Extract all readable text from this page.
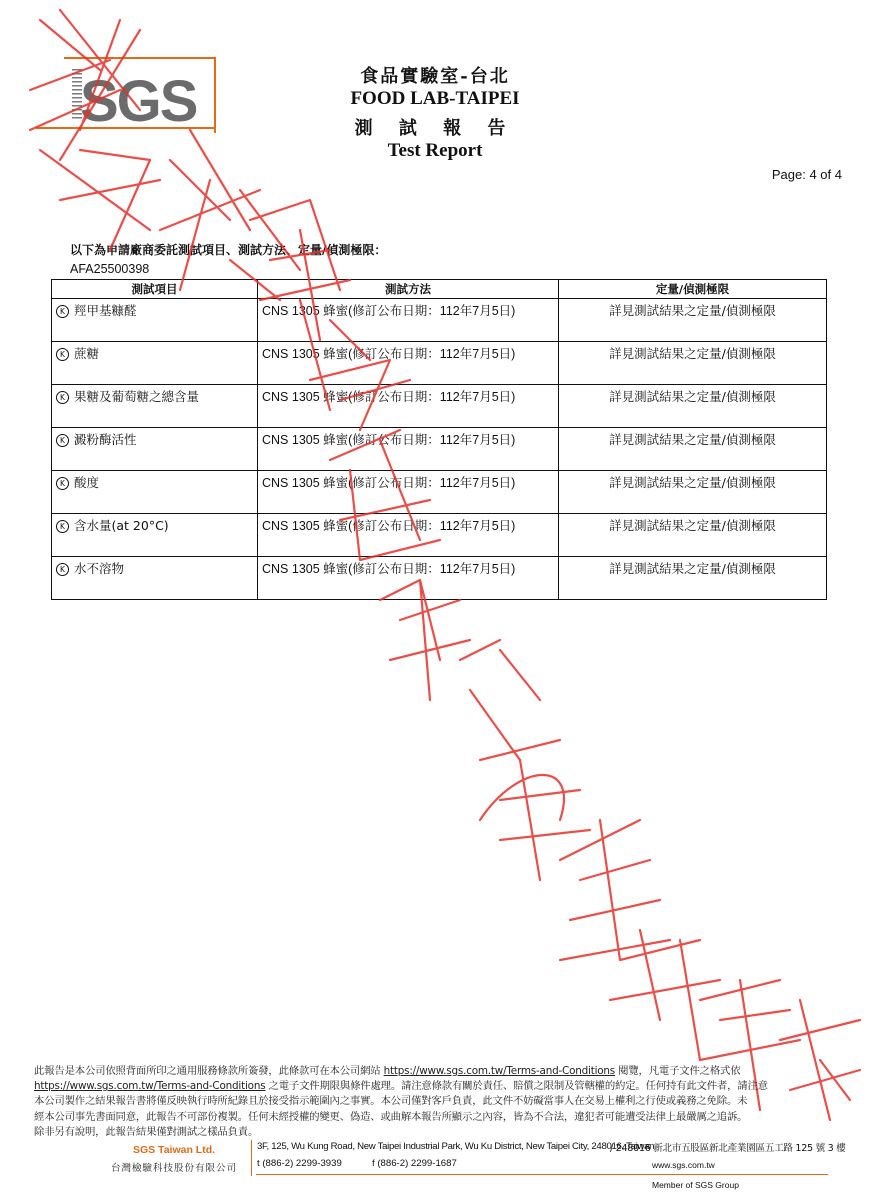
SGS	食品實驗室-台北
FOOD LAB-TAIPEI
測 試 報 告
Test Report
Page: 4 of 4
以下為申請廠商委託測試項目、測試方法、定量/偵測極限：
AFA25500398
測試項目	測試方法	定量/偵測極限
K 羥甲基糠醛	CNS 1305 蜂蜜(修訂公布日期：112年7月5日)	詳見測試結果之定量/偵測極限
K 蔗糖	CNS 1305 蜂蜜(修訂公布日期：112年7月5日)	詳見測試結果之定量/偵測極限
K 果糖及葡萄糖之總含量	CNS 1305 蜂蜜(修訂公布日期：112年7月5日)	詳見測試結果之定量/偵測極限
K 澱粉酶活性	CNS 1305 蜂蜜(修訂公布日期：112年7月5日)	詳見測試結果之定量/偵測極限
K 酸度	CNS 1305 蜂蜜(修訂公布日期：112年7月5日)	詳見測試結果之定量/偵測極限
K 含水量(at 20°C)	CNS 1305 蜂蜜(修訂公布日期：112年7月5日)	詳見測試結果之定量/偵測極限
K 水不溶物	CNS 1305 蜂蜜(修訂公布日期：112年7月5日)	詳見測試結果之定量/偵測極限
蜜蜂樂園 專家 一代蜜蜂
此報告是本公司依照背面所印之通用服務條款所簽發，此條款可在本公司網站 https://www.sgs.com.tw/Terms-and-Conditions 閱覽，凡電子文件之格式依
https://www.sgs.com.tw/Terms-and-Conditions 之電子文件期限與條件處理。請注意條款有關於責任、賠償之限制及管轄權的約定。任何持有此文件者，請注意
本公司製作之結果報告書將僅反映執行時所紀錄且於接受指示範圍內之事實。本公司僅對客戶負責，此文件不妨礙當事人在交易上權利之行使或義務之免除。未
經本公司事先書面同意，此報告不可部份複製。任何未經授權的變更、偽造、或曲解本報告所顯示之內容，皆為不合法，違犯者可能遭受法律上最嚴厲之追訴。
除非另有說明，此報告結果僅對測試之樣品負責。
SGS Taiwan Ltd.
台灣檢驗科技股份有限公司
3F, 125, Wu Kung Road, New Taipei Industrial Park, Wu Ku District, New Taipei City, 248016, Taiwan
/ 248016 新北市五股區新北產業園區五工路 125 號 3 樓
t (886-2) 2299-3939	f (886-2) 2299-1687	www.sgs.com.tw
Member of SGS Group
